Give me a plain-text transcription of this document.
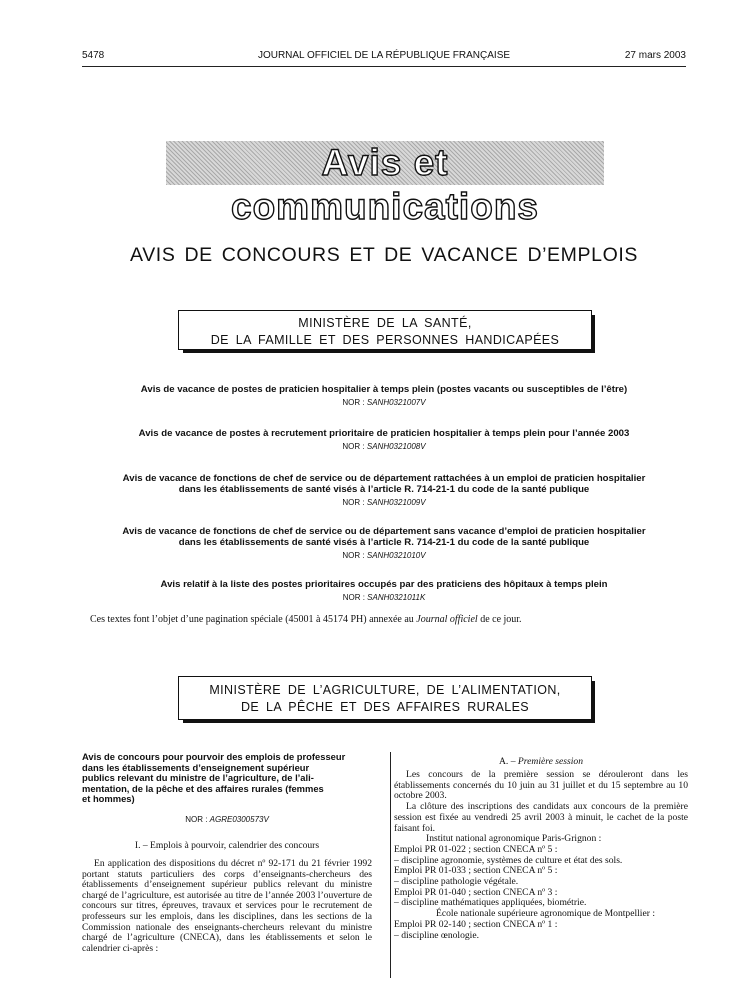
5478	JOURNAL OFFICIEL DE LA RÉPUBLIQUE FRANÇAISE	27 mars 2003
Avis et communications
AVIS DE CONCOURS ET DE VACANCE D’EMPLOIS
MINISTÈRE DE LA SANTÉ,
DE LA FAMILLE ET DES PERSONNES HANDICAPÉES
Avis de vacance de postes de praticien hospitalier à temps plein (postes vacants ou susceptibles de l’être)
NOR : SANH0321007V
Avis de vacance de postes à recrutement prioritaire de praticien hospitalier à temps plein pour l’année 2003
NOR : SANH0321008V
Avis de vacance de fonctions de chef de service ou de département rattachées à un emploi de praticien hospitalier dans les établissements de santé visés à l’article R. 714-21-1 du code de la santé publique
NOR : SANH0321009V
Avis de vacance de fonctions de chef de service ou de département sans vacance d’emploi de praticien hospitalier dans les établissements de santé visés à l’article R. 714-21-1 du code de la santé publique
NOR : SANH0321010V
Avis relatif à la liste des postes prioritaires occupés par des praticiens des hôpitaux à temps plein
NOR : SANH0321011K
Ces textes font l’objet d’une pagination spéciale (45001 à 45174 PH) annexée au Journal officiel de ce jour.
MINISTÈRE DE L’AGRICULTURE, DE L’ALIMENTATION,
DE LA PÊCHE ET DES AFFAIRES RURALES
Avis de concours pour pourvoir des emplois de professeur
dans les établissements d’enseignement supérieur
publics relevant du ministre de l’agriculture, de l’ali-
mentation, de la pêche et des affaires rurales (femmes
et hommes)
NOR : AGRE0300573V
I. – Emplois à pourvoir, calendrier des concours
En application des dispositions du décret nº 92-171 du 21 février 1992 portant statuts particuliers des corps d’enseignants-chercheurs des établissements d’enseignement supérieur publics relevant du ministre chargé de l’agriculture, est autorisée au titre de l’année 2003 l’ouverture de concours sur titres, épreuves, travaux et services pour le recrutement de professeurs sur les emplois, dans les disciplines, dans les sections de la Commission nationale des enseignants-chercheurs relevant du ministre chargé de l’agriculture (CNECA), dans les établissements et selon le calendrier ci-après :
A. – Première session
Les concours de la première session se dérouleront dans les établissements concernés du 10 juin au 31 juillet et du 15 septembre au 10 octobre 2003.
La clôture des inscriptions des candidats aux concours de la première session est fixée au vendredi 25 avril 2003 à minuit, le cachet de la poste faisant foi.
Institut national agronomique Paris-Grignon :
Emploi PR 01-022 ; section CNECA nº 5 :
– discipline agronomie, systèmes de culture et état des sols.
Emploi PR 01-033 ; section CNECA nº 5 :
– discipline pathologie végétale.
Emploi PR 01-040 ; section CNECA nº 3 :
– discipline mathématiques appliquées, biométrie.
École nationale supérieure agronomique de Montpellier :
Emploi PR 02-140 ; section CNECA nº 1 :
– discipline œnologie.
